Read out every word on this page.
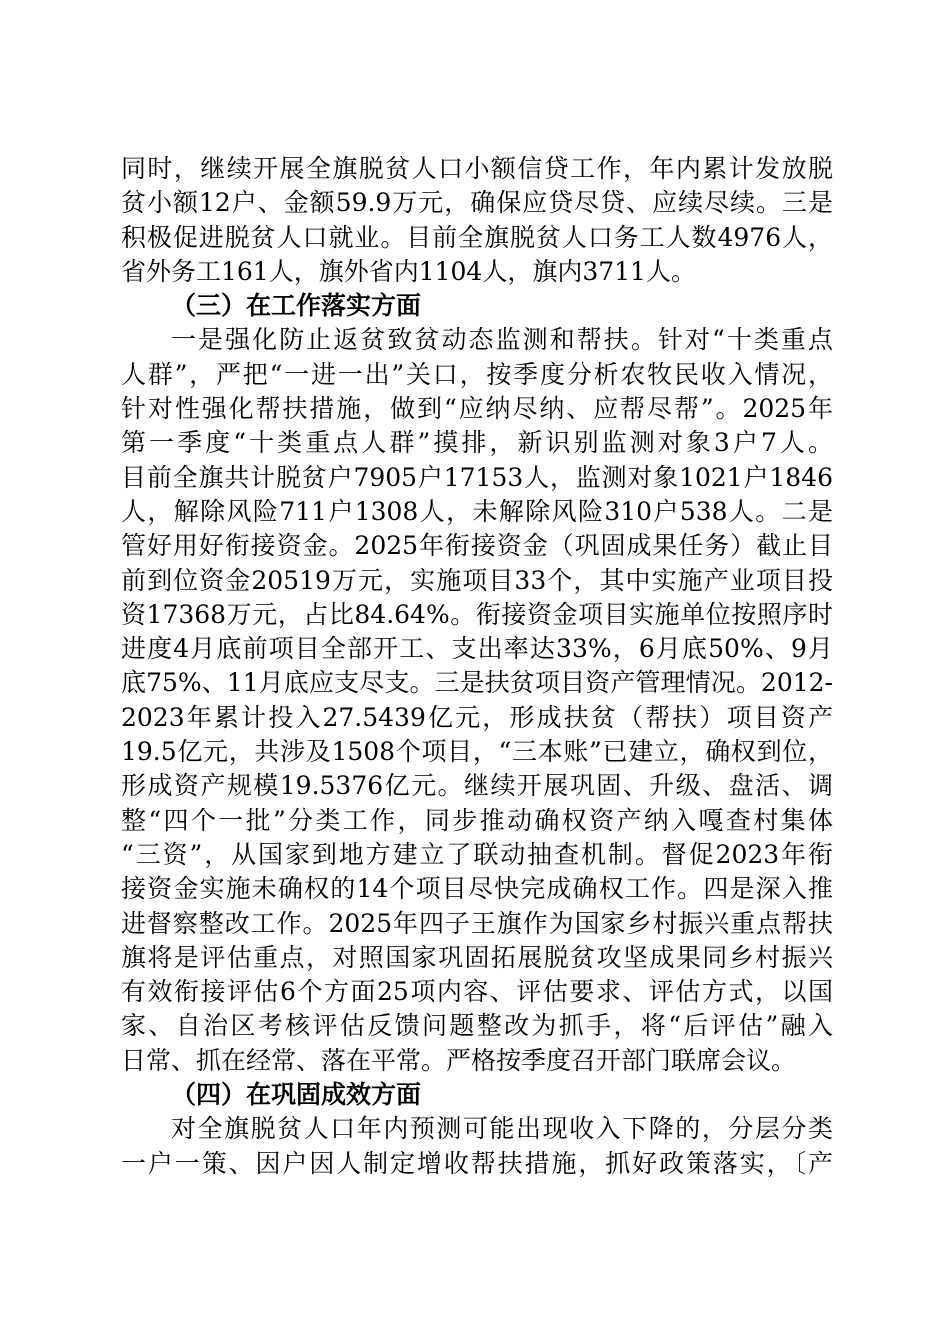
同时，继续开展全旗脱贫人口小额信贷工作，年内累计发放脱
贫小额12户、金额59.9万元，确保应贷尽贷、应续尽续。三是
积极促进脱贫人口就业。目前全旗脱贫人口务工人数4976人，
省外务工161人，旗外省内1104人，旗内3711人。
（三）在工作落实方面
一是强化防止返贫致贫动态监测和帮扶。针对“十类重点
人群”，严把“一进一出”关口，按季度分析农牧民收入情况，
针对性强化帮扶措施，做到“应纳尽纳、应帮尽帮”。2025年
第一季度“十类重点人群”摸排，新识别监测对象3户7人。
目前全旗共计脱贫户7905户17153人，监测对象1021户1846
人，解除风险711户1308人，未解除风险310户538人。二是
管好用好衔接资金。2025年衔接资金（巩固成果任务）截止目
前到位资金20519万元，实施项目33个，其中实施产业项目投
资17368万元，占比84.64%。衔接资金项目实施单位按照序时
进度4月底前项目全部开工、支出率达33%，6月底50%、9月
底75%、11月底应支尽支。三是扶贫项目资产管理情况。2012-
2023年累计投入27.5439亿元，形成扶贫（帮扶）项目资产
19.5亿元，共涉及1508个项目，“三本账”已建立，确权到位，
形成资产规模19.5376亿元。继续开展巩固、升级、盘活、调
整“四个一批”分类工作，同步推动确权资产纳入嘎查村集体
“三资”，从国家到地方建立了联动抽查机制。督促2023年衔
接资金实施未确权的14个项目尽快完成确权工作。四是深入推
进督察整改工作。2025年四子王旗作为国家乡村振兴重点帮扶
旗将是评估重点，对照国家巩固拓展脱贫攻坚成果同乡村振兴
有效衔接评估6个方面25项内容、评估要求、评估方式，以国
家、自治区考核评估反馈问题整改为抓手，将“后评估”融入
日常、抓在经常、落在平常。严格按季度召开部门联席会议。
（四）在巩固成效方面
对全旗脱贫人口年内预测可能出现收入下降的，分层分类
一户一策、因户因人制定增收帮扶措施，抓好政策落实，〔产
